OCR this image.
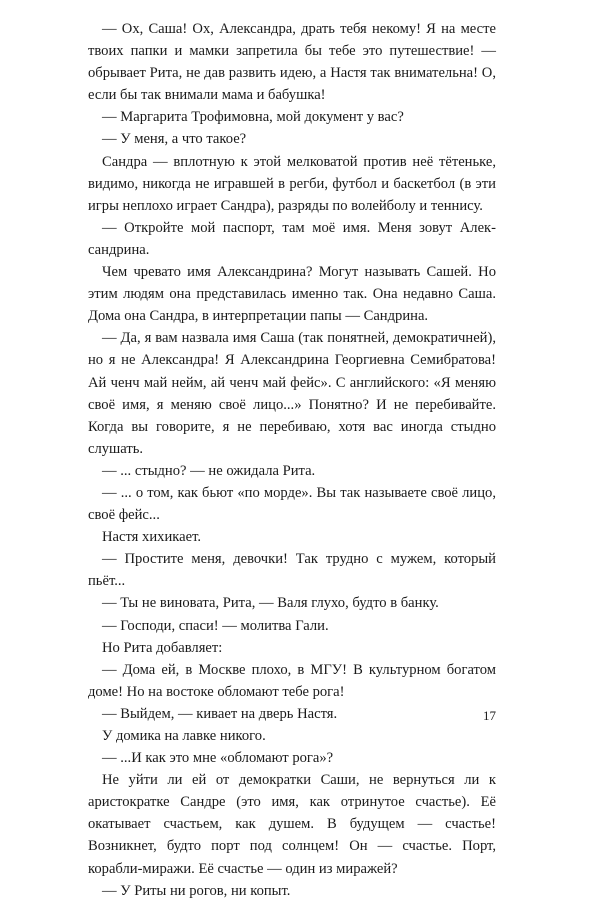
— Ох, Саша! Ох, Александра, драть тебя некому! Я на месте твоих папки и мамки запретила бы тебе это путешествие! — обрывает Рита, не дав развить идею, а Настя так внимательна! О, если бы так внимали мама и бабушка!

— Маргарита Трофимовна, мой документ у вас?

— У меня, а что такое?

Сандра — вплотную к этой мелковатой против неё тётеньке, видимо, никогда не игравшей в регби, футбол и баскетбол (в эти игры неплохо играет Сандра), разряды по волейболу и теннису.

— Откройте мой паспорт, там моё имя. Меня зовут Алек-сандрина.

Чем чревато имя Александрина? Могут называть Сашей. Но этим людям она представилась именно так. Она недавно Саша. Дома она Сандра, в интерпретации папы — Сандрина.

— Да, я вам назвала имя Саша (так понятней, демократичней), но я не Александра! Я Александрина Георгиевна Семибратова! Ай ченч май нейм, ай ченч май фейс». С английского: «Я меняю своё имя, я меняю своё лицо...» Понятно? И не перебивайте. Когда вы говорите, я не перебиваю, хотя вас иногда стыдно слушать.

— ... стыдно? — не ожидала Рита.

— ... о том, как бьют «по морде». Вы так называете своё лицо, своё фейс...

Настя хихикает.

— Простите меня, девочки! Так трудно с мужем, который пьёт...

— Ты не виновата, Рита, — Валя глухо, будто в банку.

— Господи, спаси! — молитва Гали.

Но Рита добавляет:

— Дома ей, в Москве плохо, в МГУ! В культурном богатом доме! Но на востоке обломают тебе рога!

— Выйдем, — кивает на дверь Настя.

У домика на лавке никого.

— ...И как это мне «обломают рога»?

Не уйти ли ей от демократки Саши, не вернуться ли к аристократке Сандре (это имя, как отринутое счастье). Её окатывает счастьем, как душем. В будущем — счастье! Возникнет, будто порт под солнцем! Он — счастье. Порт, корабли-миражи. Её счастье — один из миражей?

— У Риты ни рогов, ни копыт.

17
